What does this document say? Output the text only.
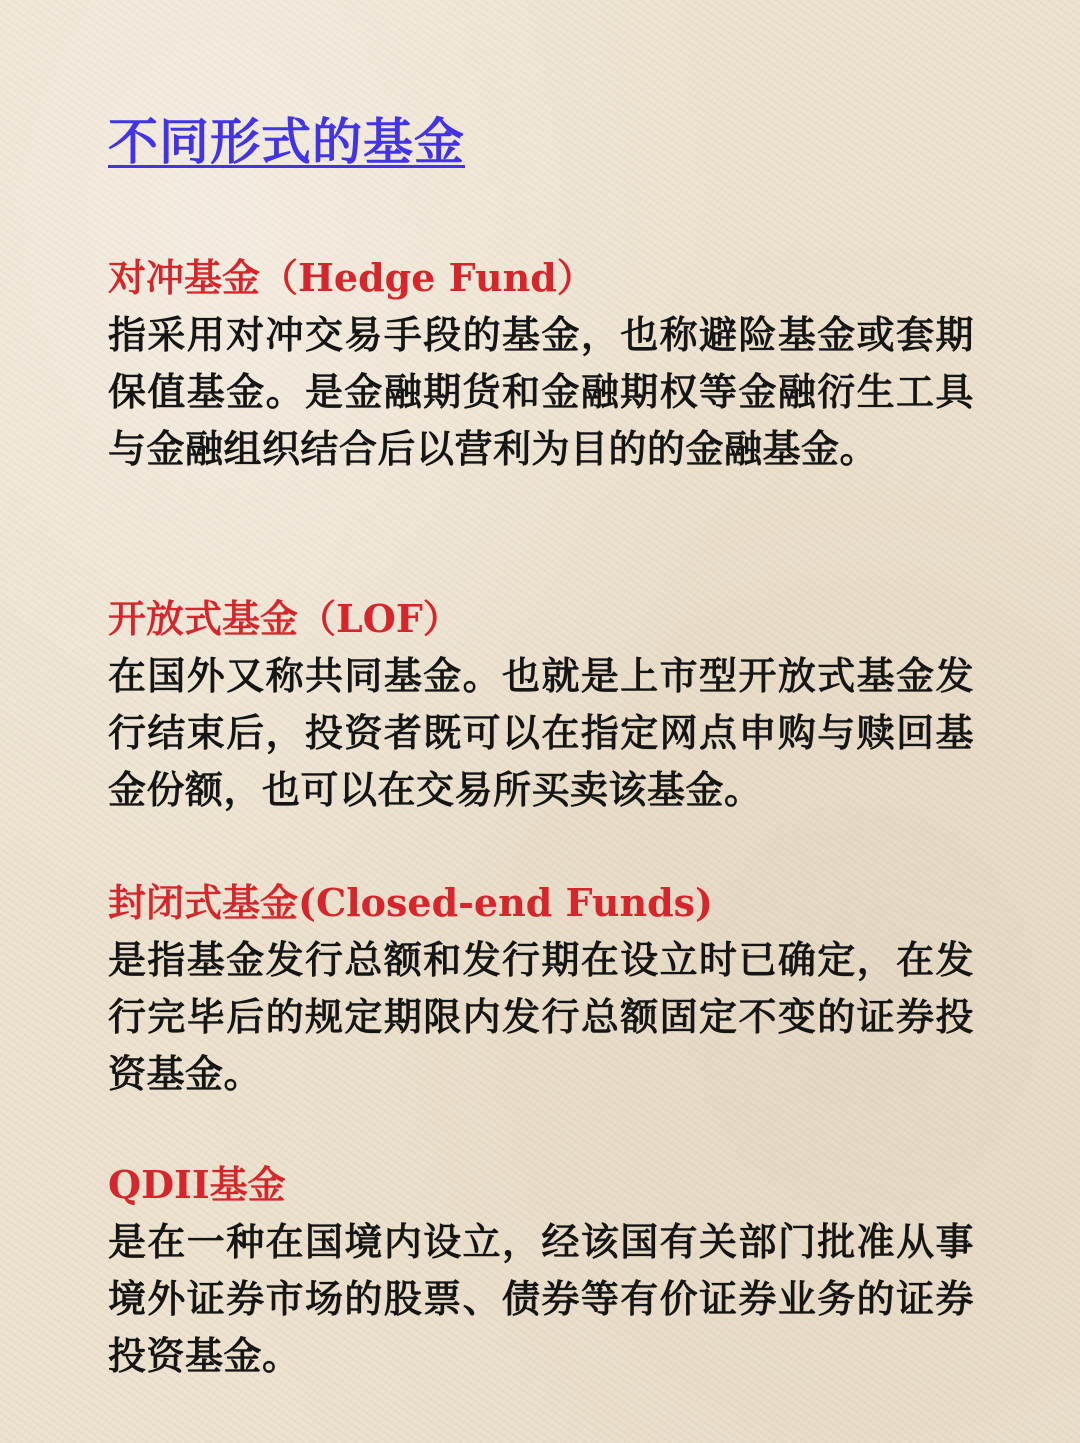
不同形式的基金
对冲基金（Hedge Fund）

指采用对冲交易手段的基金，也称避险基金或套期保值基金。是金融期货和金融期权等金融衍生工具与金融组织结合后以营利为目的的金融基金。

开放式基金（LOF）

在国外又称共同基金。也就是上市型开放式基金发行结束后，投资者既可以在指定网点申购与赎回基金份额，也可以在交易所买卖该基金。

封闭式基金(Closed-end Funds)

是指基金发行总额和发行期在设立时已确定，在发行完毕后的规定期限内发行总额固定不变的证券投资基金。

QDII基金

是在一种在国境内设立，经该国有关部门批准从事境外证券市场的股票、债券等有价证券业务的证券投资基金。
